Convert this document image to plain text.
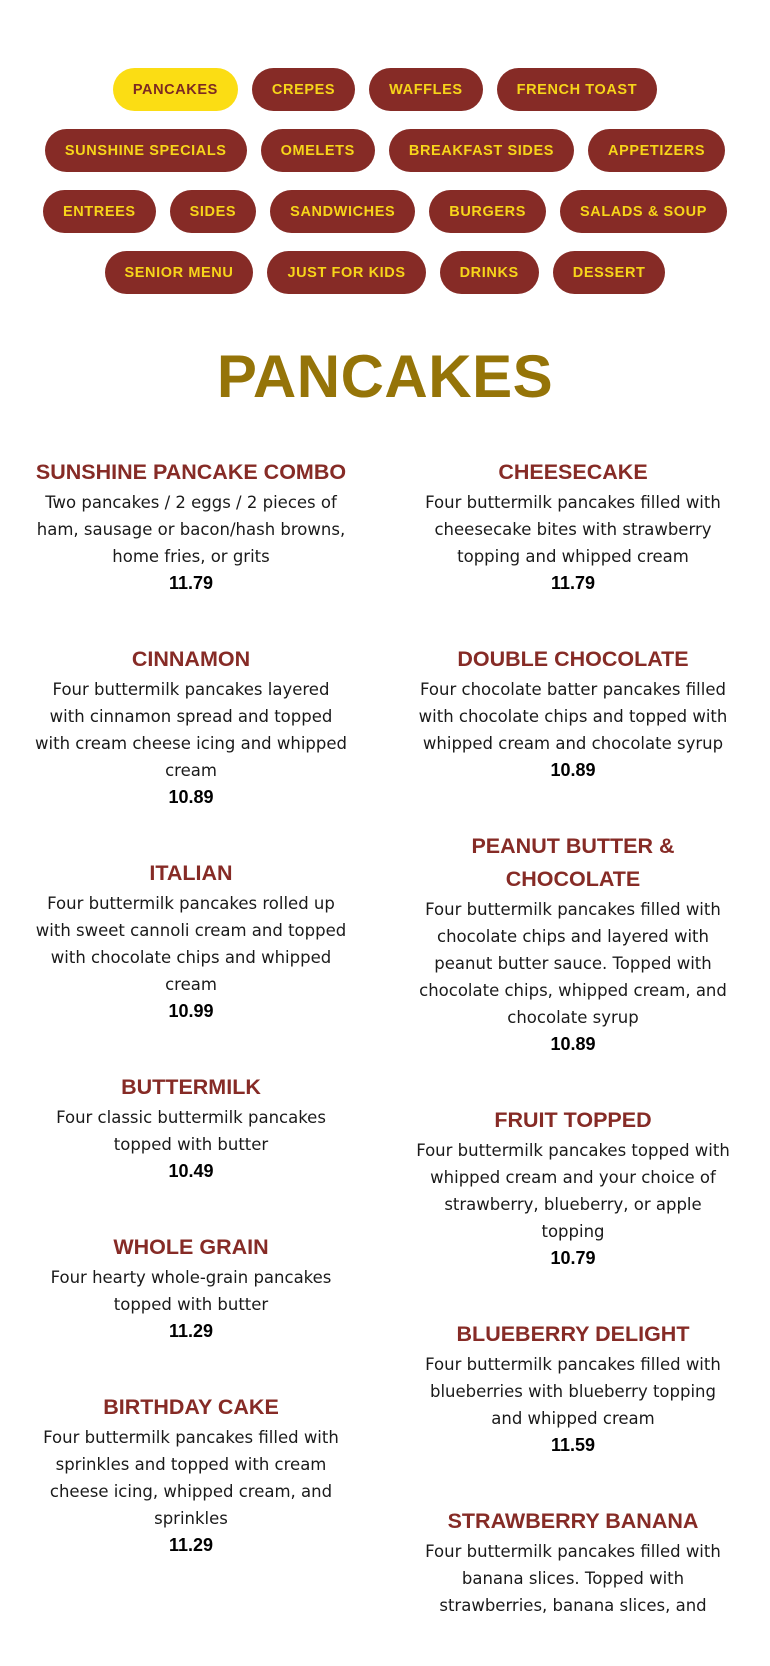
PANCAKES	CREPES	WAFFLES	FRENCH TOAST
SUNSHINE SPECIALS	OMELETS	BREAKFAST SIDES	APPETIZERS
ENTREES	SIDES	SANDWICHES	BURGERS	SALADS & SOUP
SENIOR MENU	JUST FOR KIDS	DRINKS	DESSERT
PANCAKES
SUNSHINE PANCAKE COMBO

Two pancakes / 2 eggs / 2 pieces of ham, sausage or bacon/hash browns, home fries, or grits

11.79

CINNAMON

Four buttermilk pancakes layered with cinnamon spread and topped with cream cheese icing and whipped cream

10.89

ITALIAN

Four buttermilk pancakes rolled up with sweet cannoli cream and topped with chocolate chips and whipped cream

10.99

BUTTERMILK

Four classic buttermilk pancakes topped with butter

10.49

WHOLE GRAIN

Four hearty whole-grain pancakes topped with butter

11.29

BIRTHDAY CAKE

Four buttermilk pancakes filled with sprinkles and topped with cream cheese icing, whipped cream, and sprinkles

11.29

CHEESECAKE

Four buttermilk pancakes filled with cheesecake bites with strawberry topping and whipped cream

11.79

DOUBLE CHOCOLATE

Four chocolate batter pancakes filled with chocolate chips and topped with whipped cream and chocolate syrup

10.89

PEANUT BUTTER & CHOCOLATE

Four buttermilk pancakes filled with chocolate chips and layered with peanut butter sauce. Topped with chocolate chips, whipped cream, and chocolate syrup

10.89

FRUIT TOPPED

Four buttermilk pancakes topped with whipped cream and your choice of strawberry, blueberry, or apple topping

10.79

BLUEBERRY DELIGHT

Four buttermilk pancakes filled with blueberries with blueberry topping and whipped cream

11.59

STRAWBERRY BANANA

Four buttermilk pancakes filled with banana slices. Topped with strawberries, banana slices, and
